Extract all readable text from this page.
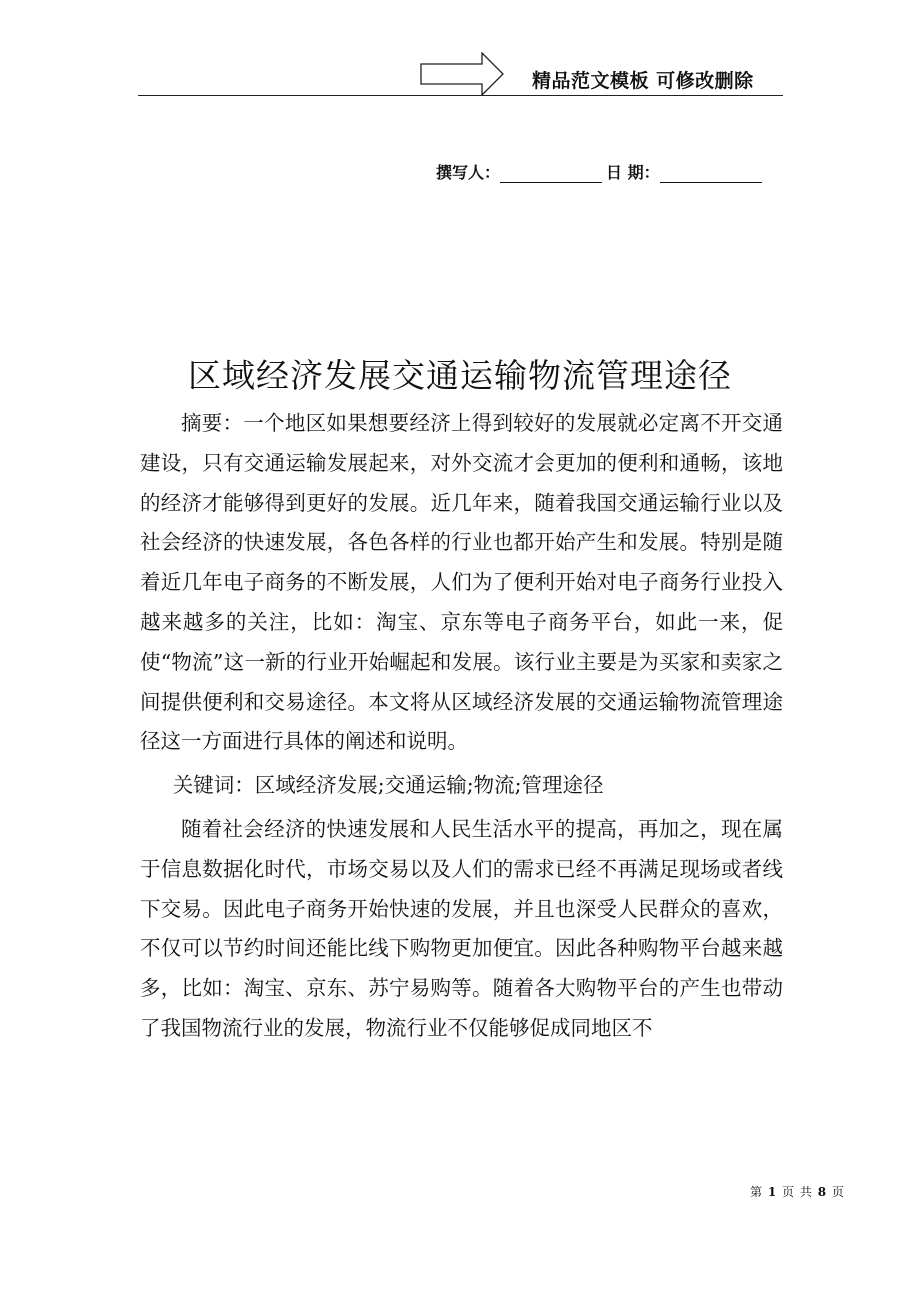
精品范文模板 可修改删除
撰写人：	日 期：
区域经济发展交通运输物流管理途径

摘要：一个地区如果想要经济上得到较好的发展就必定离不开交通建设，只有交通运输发展起来，对外交流才会更加的便利和通畅，该地的经济才能够得到更好的发展。近几年来，随着我国交通运输行业以及社会经济的快速发展，各色各样的行业也都开始产生和发展。特别是随着近几年电子商务的不断发展，人们为了便利开始对电子商务行业投入越来越多的关注，比如：淘宝、京东等电子商务平台，如此一来，促使“物流”这一新的行业开始崛起和发展。该行业主要是为买家和卖家之间提供便利和交易途径。本文将从区域经济发展的交通运输物流管理途径这一方面进行具体的阐述和说明。

关键词：区域经济发展;交通运输;物流;管理途径

随着社会经济的快速发展和人民生活水平的提高，再加之，现在属于信息数据化时代，市场交易以及人们的需求已经不再满足现场或者线下交易。因此电子商务开始快速的发展，并且也深受人民群众的喜欢，不仅可以节约时间还能比线下购物更加便宜。因此各种购物平台越来越多，比如：淘宝、京东、苏宁易购等。随着各大购物平台的产生也带动了我国物流行业的发展，物流行业不仅能够促成同地区不

第 1 页 共 8 页
